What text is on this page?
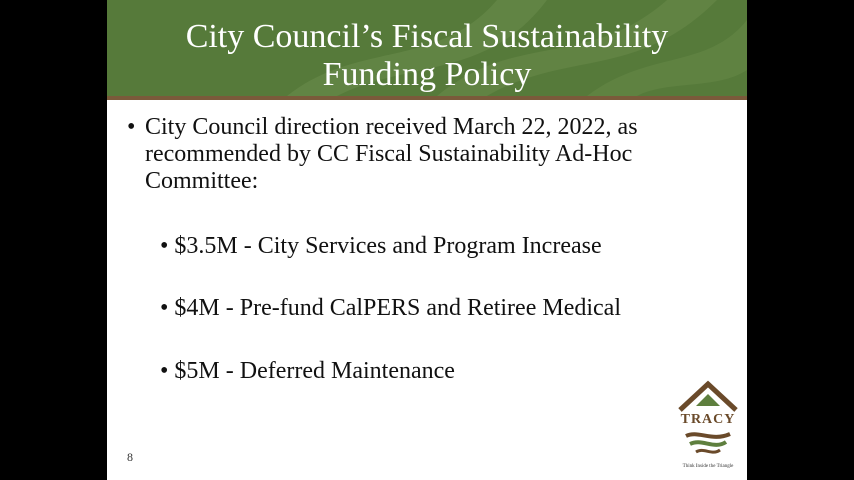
City Council’s Fiscal Sustainability
Funding Policy
• City Council direction received March 22, 2022, as recommended by CC Fiscal Sustainability Ad-Hoc Committee:
• $3.5M - City Services and Program Increase
• $4M - Pre-fund CalPERS and Retiree Medical
• $5M - Deferred Maintenance
8
TRACY
Think Inside the Triangle
